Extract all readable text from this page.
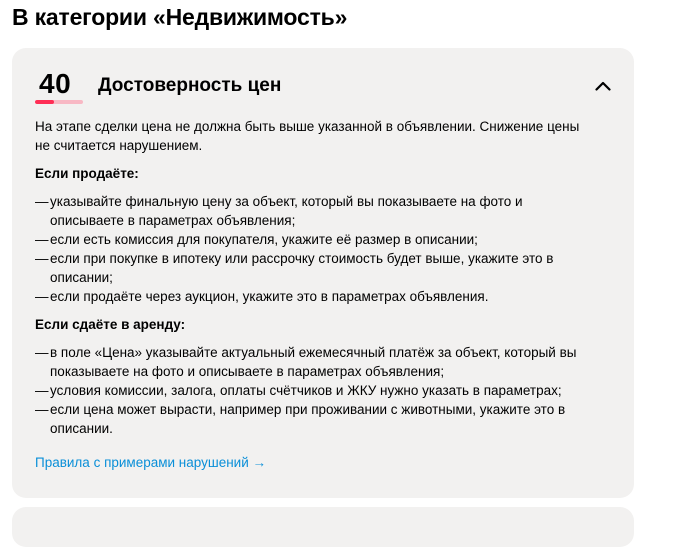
В категории «Недвижимость»
40 Достоверность цен

На этапе сделки цена не должна быть выше указанной в объявлении. Снижение цены не считается нарушением.

Если продаёте:

— указывайте финальную цену за объект, который вы показываете на фото и описываете в параметрах объявления;
— если есть комиссия для покупателя, укажите её размер в описании;
— если при покупке в ипотеку или рассрочку стоимость будет выше, укажите это в описании;
— если продаёте через аукцион, укажите это в параметрах объявления.

Если сдаёте в аренду:

— в поле «Цена» указывайте актуальный ежемесячный платёж за объект, который вы показываете на фото и описываете в параметрах объявления;
— условия комиссии, залога, оплаты счётчиков и ЖКУ нужно указать в параметрах;
— если цена может вырасти, например при проживании с животными, укажите это в описании.
Правила с примерами нарушений →
